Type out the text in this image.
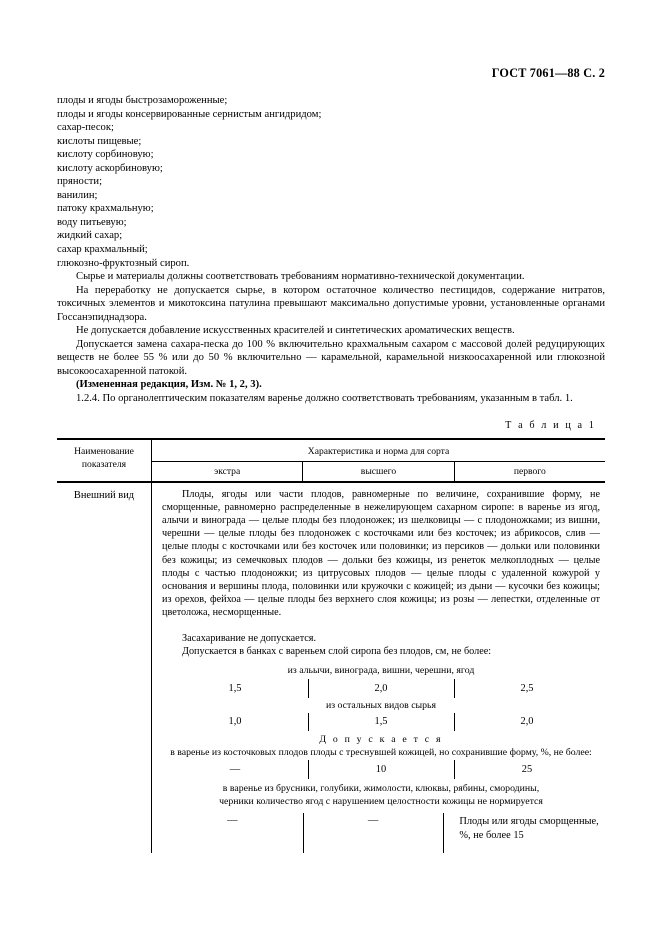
ГОСТ 7061—88 С. 2

плоды и ягоды быстрозамороженные;

плоды и ягоды консервированные сернистым ангидридом;

сахар-песок;

кислоты пищевые;

кислоту сорбиновую;

кислоту аскорбиновую;

пряности;

ванилин;

патоку крахмальную;

воду питьевую;

жидкий сахар;

сахар крахмальный;

глюкозно-фруктозный сироп.

Сырье и материалы должны соответствовать требованиям нормативно-технической документации.

На переработку не допускается сырье, в котором остаточное количество пестицидов, содержание нитратов, токсичных элементов и микотоксина патулина превышают максимально допустимые уровни, установленные органами Госсанэпиднадзора.

Не допускается добавление искусственных красителей и синтетических ароматических веществ.

Допускается замена сахара-песка до 100 % включительно крахмальным сахаром с массовой долей редуцирующих веществ не более 55 % или до 50 % включительно — карамельной, карамельной низкоосахаренной или глюкозной высокоосахаренной патокой.

(Измененная редакция, Изм. № 1, 2, 3).

1.2.4. По органолептическим показателям варенье должно соответствовать требованиям, указанным в табл. 1.

Т а б л и ц а 1
Наименование показателя
Характеристика и норма для сорта
экстра	высшего	первого
Внешний вид	Плоды, ягоды или части плодов, равномерные по величине, сохранившие форму, не сморщенные, равномерно распределенные в нежелирующем сахарном сиропе: в варенье из ягод, алычи и винограда — целые плоды без плодоножек; из шелковицы — с плодоножками; из вишни, черешни — целые плоды без плодоножек с косточками или без косточек; из абрикосов, слив — целые плоды с косточками или без косточек или половинки; из персиков — дольки или половинки без кожицы; из семечковых плодов — дольки без кожицы, из ренеток мелкоплодных — целые плоды с частью плодоножки; из цитрусовых плодов — целые плоды с удаленной кожурой у основания и вершины плода, половинки или кружочки с кожицей; из дыни — кусочки без кожицы; из орехов, фейхоа — целые плоды без верхнего слоя кожицы; из розы — лепестки, отделенные от цветоложа, несморщенные.

Засахаривание не допускается.

Допускается в банках с вареньем слой сиропа без плодов, см, не более:

из альычи, винограда, вишни, черешни, ягод

1,5	2,0	2,5

из остальных видов сырья

1,0	1,5	2,0

Д о п у с к а е т с я

в варенье из косточковых плодов плоды с треснувшей кожицей, но сохранившие форму, %, не более:

—	10	25

в варенье из брусники, голубики, жимолости, клюквы, рябины, смородины,

черники количество ягод с нарушением целостности кожицы не нормируется

—	—	Плоды или ягоды сморщенные, %, не более 15
